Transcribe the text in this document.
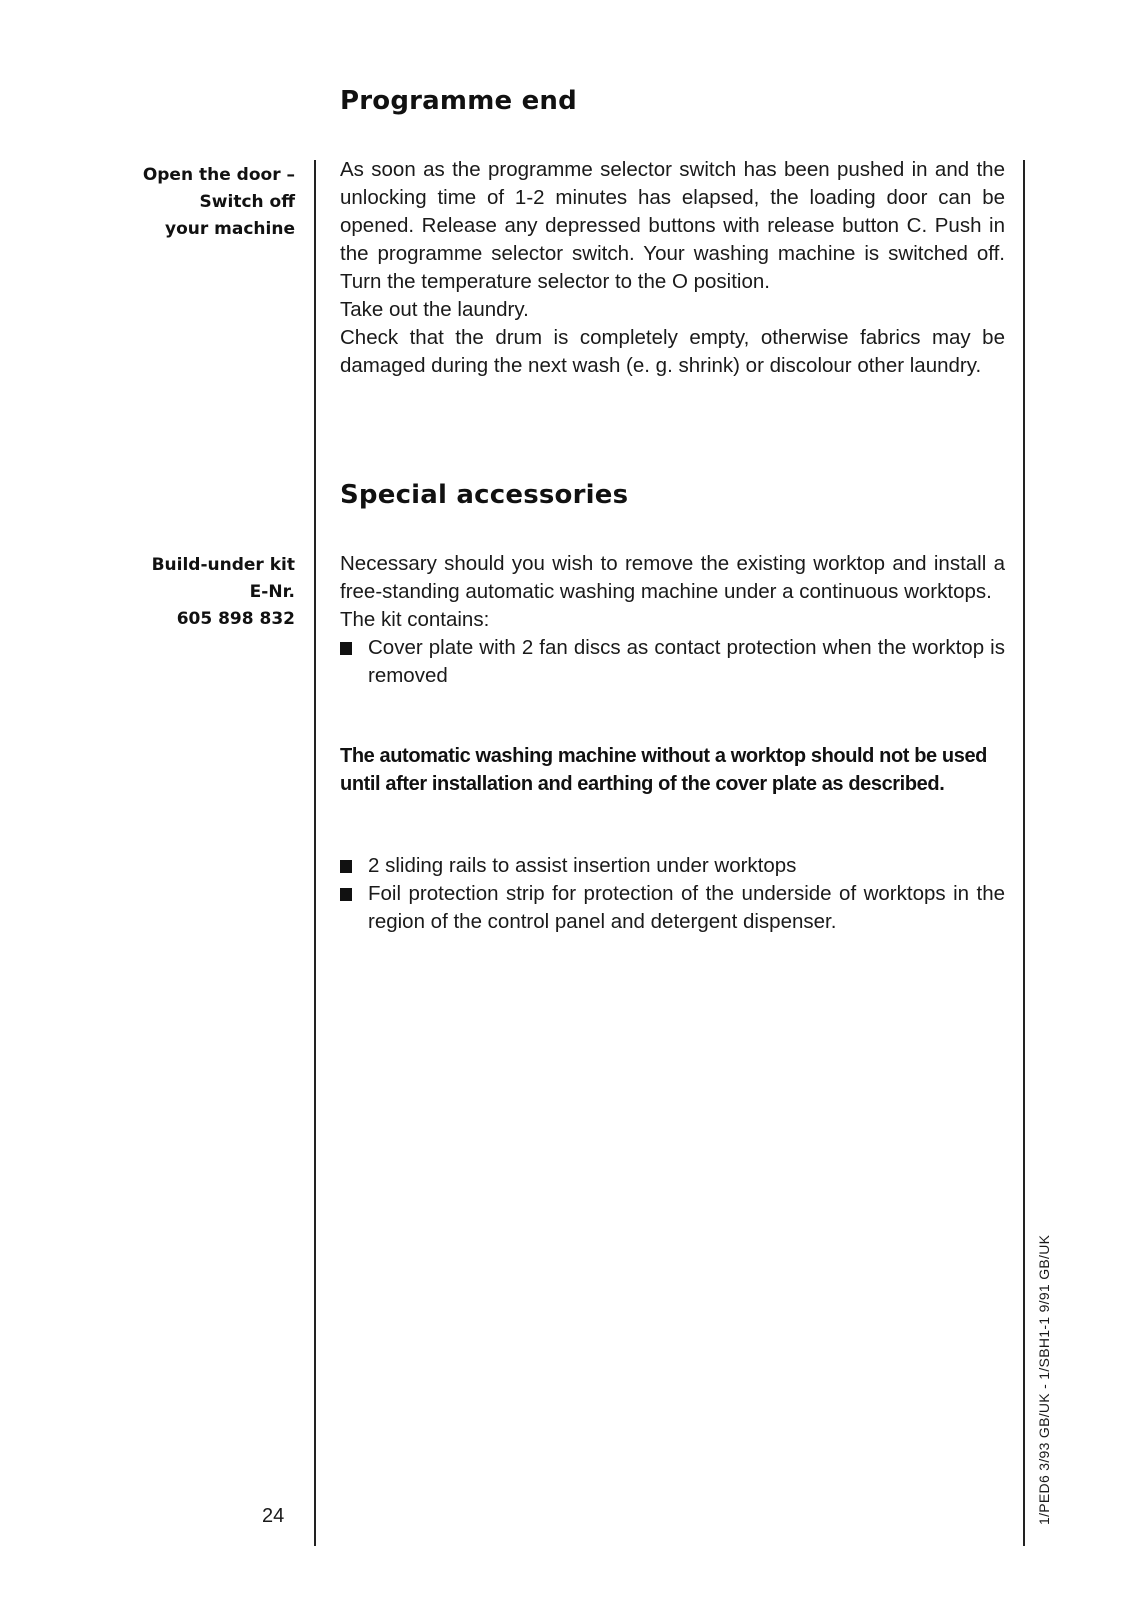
Programme end
Open the door –
Switch off
your machine

As soon as the programme selector switch has been pushed in and the unlocking time of 1-2 minutes has elapsed, the loading door can be opened. Release any depressed buttons with release button C. Push in the programme selector switch. Your washing machine is switched off. Turn the temperature selector to the O position.

Take out the laundry.

Check that the drum is completely empty, otherwise fabrics may be damaged during the next wash (e. g. shrink) or discolour other laundry.

Special accessories
Build-under kit
E-Nr.
605 898 832

Necessary should you wish to remove the existing worktop and install a free-standing automatic washing machine under a continuous worktops.

The kit contains:

Cover plate with 2 fan discs as contact protection when the worktop is removed

The automatic washing machine without a worktop should not be used until after installation and earthing of the cover plate as described.

2 sliding rails to assist insertion under worktops

Foil protection strip for protection of the underside of worktops in the region of the control panel and detergent dispenser.

24	1/PED6 3/93 GB/UK - 1/SBH1-1 9/91 GB/UK
